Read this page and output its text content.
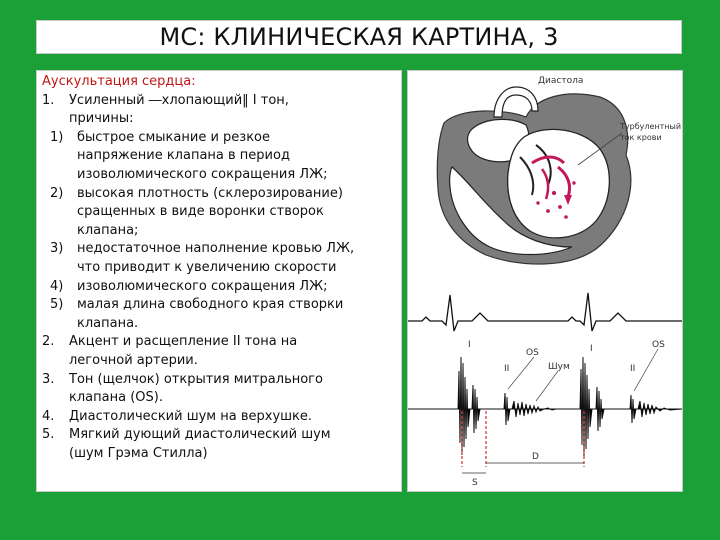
МС: КЛИНИЧЕСКАЯ КАРТИНА, 3
Аускультация сердца:
1. Усиленный ―хлопающий‖ I тон,
причины:
1) быстрое смыкание и резкое
напряжение клапана в период
изоволюмического сокращения ЛЖ;
2) высокая плотность (склерозирование)
сращенных в виде воронки створок
клапана;
3) недостаточное наполнение кровью ЛЖ,
что приводит к увеличению скорости
4) изоволюмического сокращения ЛЖ;
5) малая длина свободного края створки
клапана.
2. Акцент и расщепление II тона на
легочной артерии.
3. Тон (щелчок) открытия митрального
клапана (OS).
4. Диастолический шум на верхушке.
5. Мягкий дующий диастолический шум
(шум Грэма Стилла)
Диастола
Турбулентный
ток крови
S
D
I
II
OS
Шум
I
II
OS
